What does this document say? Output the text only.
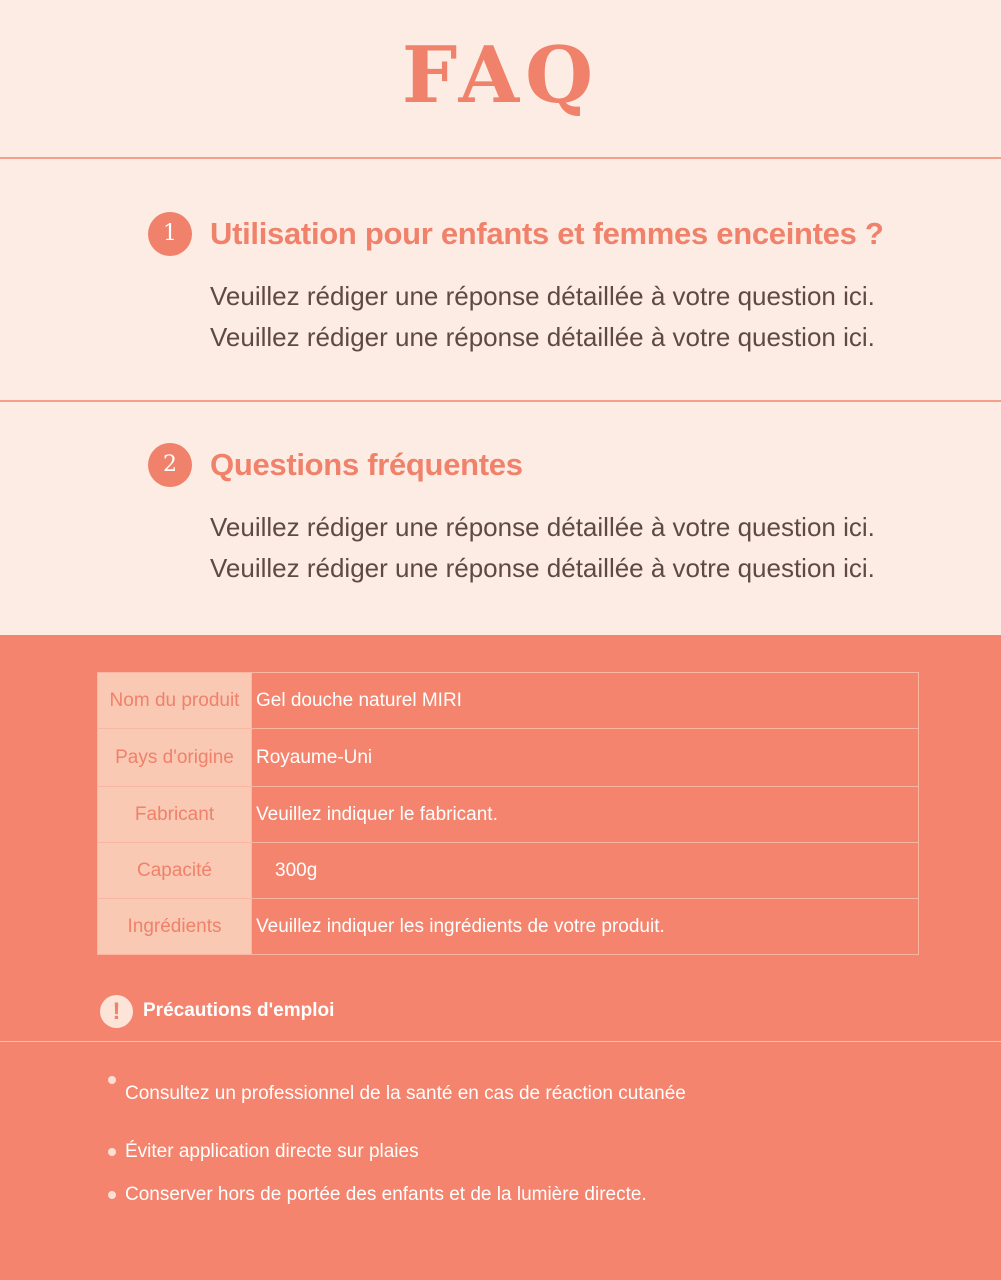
FAQ
1	Utilisation pour enfants et femmes enceintes ?
Veuillez rédiger une réponse détaillée à votre question ici.
Veuillez rédiger une réponse détaillée à votre question ici.
2	Questions fréquentes
Veuillez rédiger une réponse détaillée à votre question ici.
Veuillez rédiger une réponse détaillée à votre question ici.
Nom du produit	Gel douche naturel MIRI
Pays d'origine	Royaume-Uni
Fabricant	Veuillez indiquer le fabricant.
Capacité	300g
Ingrédients	Veuillez indiquer les ingrédients de votre produit.
!	Précautions d'emploi
Consultez un professionnel de la santé en cas de réaction cutanée
Éviter application directe sur plaies
Conserver hors de portée des enfants et de la lumière directe.
